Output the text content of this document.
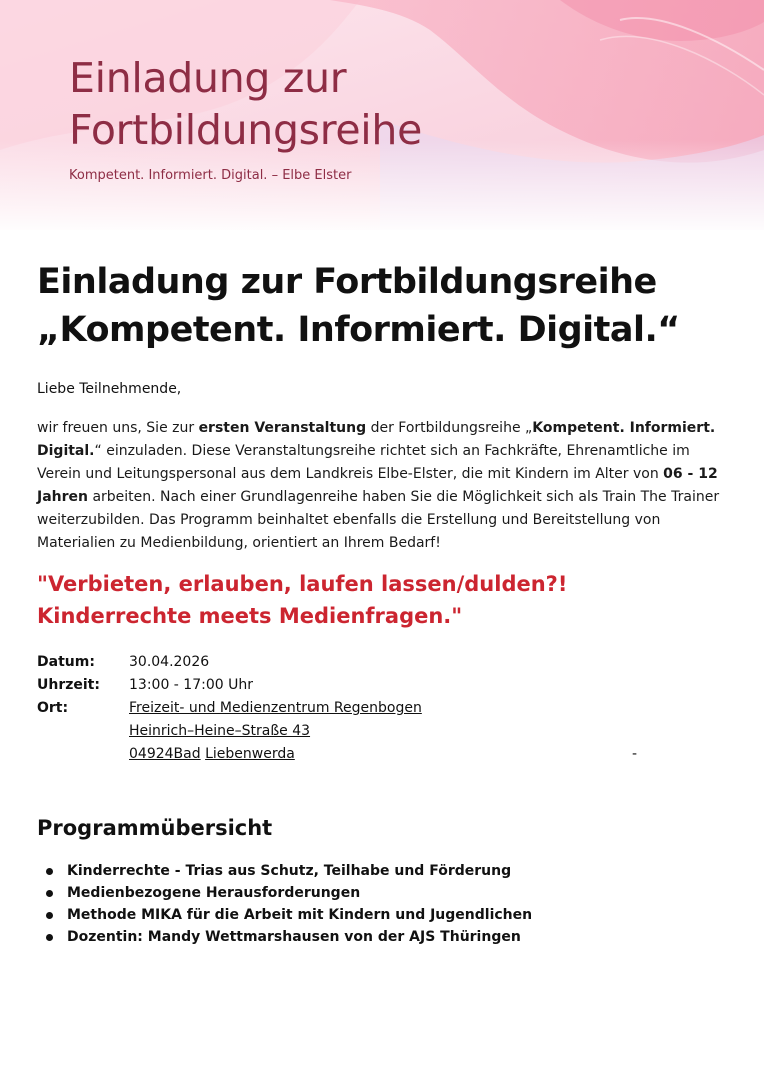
Einladung zur Fortbildungsreihe
Kompetent. Informiert. Digital. – Elbe Elster
Einladung zur Fortbildungsreihe „Kompetent. Informiert. Digital.“
Liebe Teilnehmende,

wir freuen uns, Sie zur ersten Veranstaltung der Fortbildungsreihe „Kompetent. Informiert. Digital.“ einzuladen. Diese Veranstaltungsreihe richtet sich an Fachkräfte, Ehrenamtliche im Verein und Leitungspersonal aus dem Landkreis Elbe-Elster, die mit Kindern im Alter von 06 - 12 Jahren arbeiten. Nach einer Grundlagenreihe haben Sie die Möglichkeit sich als Train The Trainer weiterzubilden. Das Programm beinhaltet ebenfalls die Erstellung und Bereitstellung von Materialien zu Medienbildung, orientiert an Ihrem Bedarf!

"Verbieten, erlauben, laufen lassen/dulden?!
Kinderrechte meets Medienfragen."
Datum:	30.04.2026
Uhrzeit:	13:00 - 17:00 Uhr
Ort:	Freizeit- und Medienzentrum Regenbogen
Heinrich–Heine–Straße 43
04924Bad Liebenwerda	-
Programmübersicht
Kinderrechte - Trias aus Schutz, Teilhabe und Förderung
Medienbezogene Herausforderungen
Methode MIKA für die Arbeit mit Kindern und Jugendlichen
Dozentin: Mandy Wettmarshausen von der AJS Thüringen
